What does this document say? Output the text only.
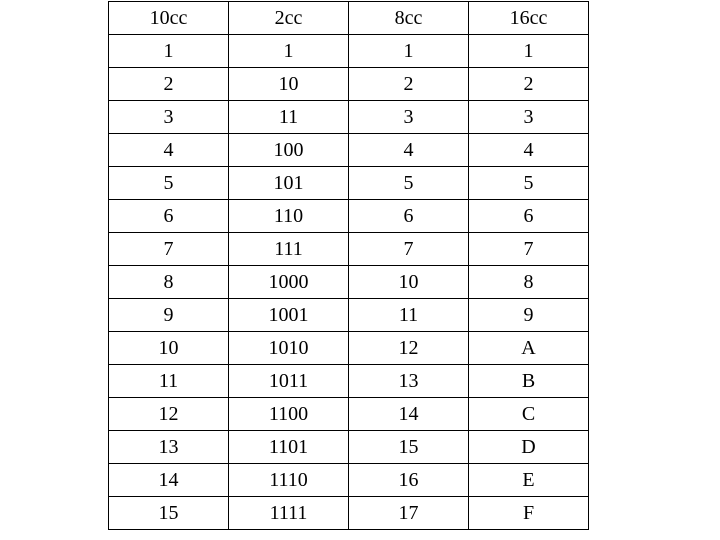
10cc	2cc	8cc	16cc
1	1	1	1
2	10	2	2
3	11	3	3
4	100	4	4
5	101	5	5
6	110	6	6
7	111	7	7
8	1000	10	8
9	1001	11	9
10	1010	12	A
11	1011	13	B
12	1100	14	C
13	1101	15	D
14	1110	16	E
15	1111	17	F
